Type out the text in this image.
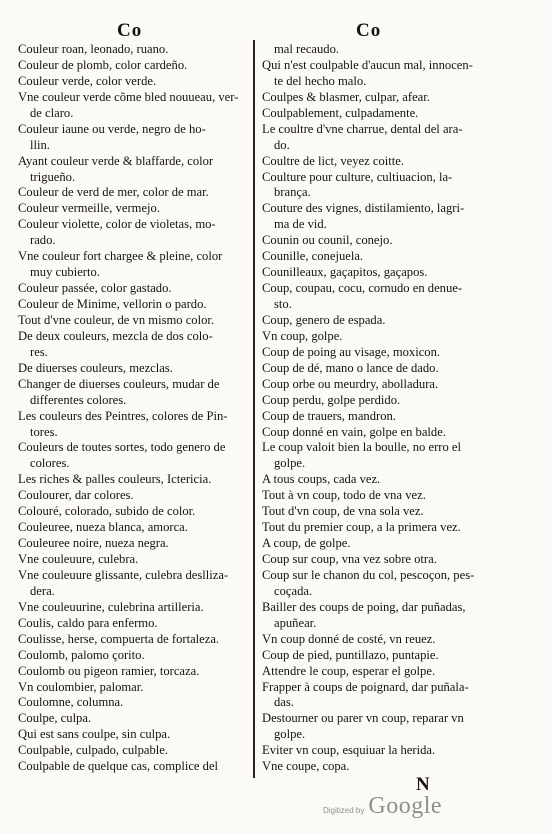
Co	Co
Couleur roan, leonado, ruano.
Couleur de plomb, color cardeño.
Couleur verde, color verde.
Vne couleur verde cõme bled nouueau, ver-
de claro.
Couleur iaune ou verde, negro de ho-
llin.
Ayant couleur verde & blaffarde, color
trigueño.
Couleur de verd de mer, color de mar.
Couleur vermeille, vermejo.
Couleur violette, color de violetas, mo-
rado.
Vne couleur fort chargee & pleine, color
muy cubierto.
Couleur passée, color gastado.
Couleur de Minime, vellorin o pardo.
Tout d'vne couleur, de vn mismo color.
De deux couleurs, mezcla de dos colo-
res.
De diuerses couleurs, mezclas.
Changer de diuerses couleurs, mudar de
differentes colores.
Les couleurs des Peintres, colores de Pin-
tores.
Couleurs de toutes sortes, todo genero de
colores.
Les riches & palles couleurs, Ictericia.
Coulourer, dar colores.
Colouré, colorado, subido de color.
Couleuree, nueza blanca, amorca.
Couleuree noire, nueza negra.
Vne couleuure, culebra.
Vne couleuure glissante, culebra deslliza-
dera.
Vne couleuurine, culebrina artilleria.
Coulis, caldo para enfermo.
Coulisse, herse, compuerta de fortaleza.
Coulomb, palomo çorito.
Coulomb ou pigeon ramier, torcaza.
Vn coulombier, palomar.
Coulomne, columna.
Coulpe, culpa.
Qui est sans coulpe, sin culpa.
Coulpable, culpado, culpable.
Coulpable de quelque cas, complice del
mal recaudo.
Qui n'est coulpable d'aucun mal, innocen-
te del hecho malo.
Coulpes & blasmer, culpar, afear.
Coulpablement, culpadamente.
Le coultre d'vne charrue, dental del ara-
do.
Coultre de lict, veyez coitte.
Coulture pour culture, cultiuacion, la-
brança.
Couture des vignes, distilamiento, lagri-
ma de vid.
Counin ou counil, conejo.
Counille, conejuela.
Counilleaux, gaçapitos, gaçapos.
Coup, coupau, cocu, cornudo en denue-
sto.
Coup, genero de espada.
Vn coup, golpe.
Coup de poing au visage, moxicon.
Coup de dé, mano o lance de dado.
Coup orbe ou meurdry, abolladura.
Coup perdu, golpe perdido.
Coup de trauers, mandron.
Coup donné en vain, golpe en balde.
Le coup valoit bien la boulle, no erro el
golpe.
A tous coups, cada vez.
Tout à vn coup, todo de vna vez.
Tout d'vn coup, de vna sola vez.
Tout du premier coup, a la primera vez.
A coup, de golpe.
Coup sur coup, vna vez sobre otra.
Coup sur le chanon du col, pescoçon, pes-
coçada.
Bailler des coups de poing, dar puñadas,
apuñear.
Vn coup donné de costé, vn reuez.
Coup de pied, puntillazo, puntapie.
Attendre le coup, esperar el golpe.
Frapper à coups de poignard, dar puñala-
das.
Destourner ou parer vn coup, reparar vn
golpe.
Eviter vn coup, esquiuar la herida.
Vne coupe, copa.
N
Digitized by Google
